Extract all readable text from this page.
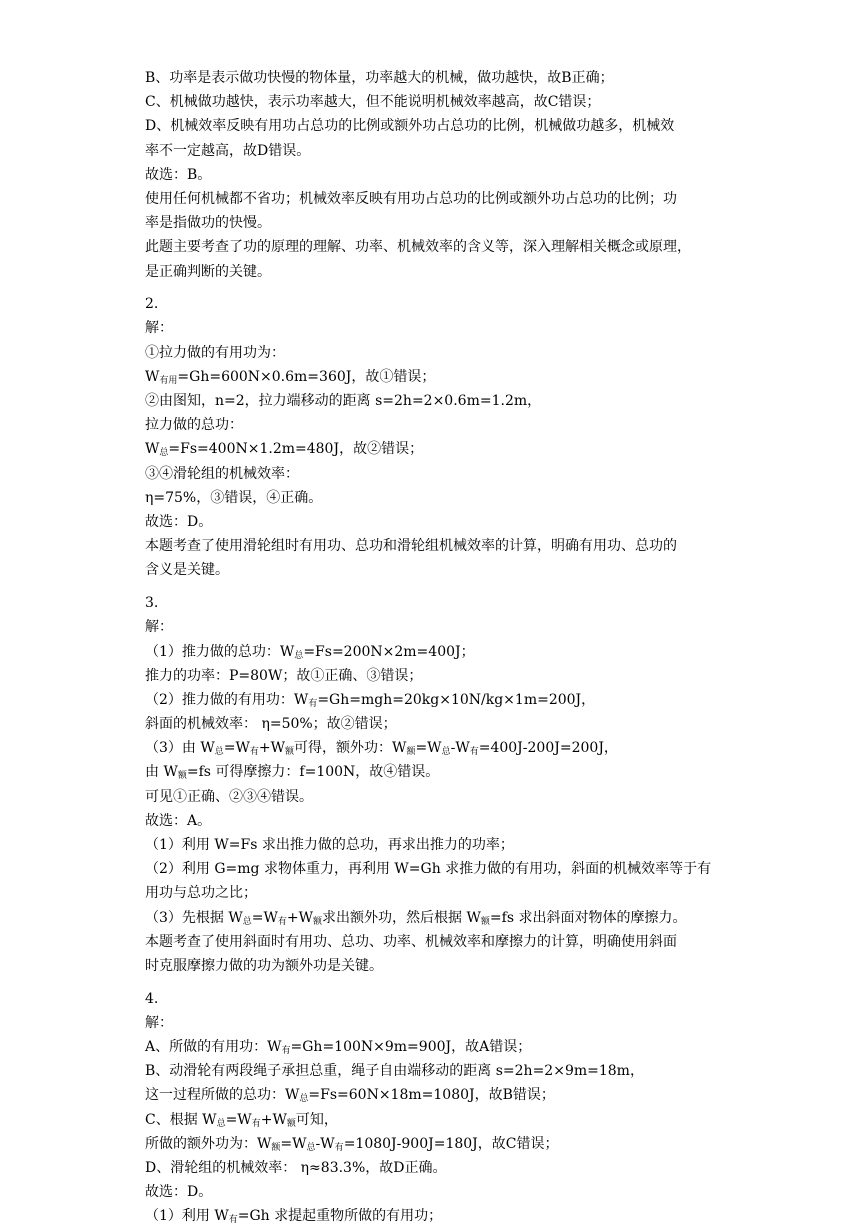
B、功率是表示做功快慢的物体量，功率越大的机械，做功越快，故B正确；
C、机械做功越快，表示功率越大，但不能说明机械效率越高，故C错误；
D、机械效率反映有用功占总功的比例或额外功占总功的比例，机械做功越多，机械效
率不一定越高，故D错误。
故选：B。
使用任何机械都不省功；机械效率反映有用功占总功的比例或额外功占总功的比例；功
率是指做功的快慢。
此题主要考查了功的原理的理解、功率、机械效率的含义等，深入理解相关概念或原理，
是正确判断的关键。
2.
解：
①拉力做的有用功为：
$W_{有用}=Gh=600N\times 0.6m=360J$，故①错误；
②由图知，n=2，拉力端移动的距离 s=2h=2×0.6m=1.2m，
拉力做的总功：
$W_总=Fs=400N\times 1.2m=480J$，故②错误；
③④滑轮组的机械效率：
η=75%，③错误，④正确。
故选：D。
本题考查了使用滑轮组时有用功、总功和滑轮组机械效率的计算，明确有用功、总功的
含义是关键。
3.
解：
（1）推力做的总功：$W_总=Fs=200N\times 2m=400J$；
推力的功率：P=80W；故①正确、③错误；
（2）推力做的有用功：$W_有=Gh=mgh=20kg\times 10N/kg\times 1m=200J$，
斜面的机械效率： η=50%；故②错误；
（3）由 $W_总=W_有+W_额$可得，额外功：$W_额=W_总-W_有=400J-200J=200J$，
由 $W_额=fs$ 可得摩擦力：f=100N，故④错误。
可见①正确、②③④错误。
故选：A。
（1）利用 W=Fs 求出推力做的总功，再求出推力的功率；
（2）利用 G=mg 求物体重力，再利用 W=Gh 求推力做的有用功，斜面的机械效率等于有
用功与总功之比；
（3）先根据 $W_总=W_有+W_额$求出额外功，然后根据 $W_额=fs$ 求出斜面对物体的摩擦力。
本题考查了使用斜面时有用功、总功、功率、机械效率和摩擦力的计算，明确使用斜面
时克服摩擦力做的功为额外功是关键。
4.
解：
A、所做的有用功：$W_有=Gh=100N\times 9m=900J$，故A错误；
B、动滑轮有两段绳子承担总重，绳子自由端移动的距离 s=2h=2×9m=18m，
这一过程所做的总功：$W_总=Fs=60N\times 18m=1080J$，故B错误；
C、根据 $W_总=W_有+W_额$可知，
所做的额外功为：$W_额=W_总-W_有=1080J-900J=180J$，故C错误；
D、滑轮组的机械效率： η≈83.3%，故D正确。
故选：D。
（1）利用 $W_有=Gh$ 求提起重物所做的有用功；
